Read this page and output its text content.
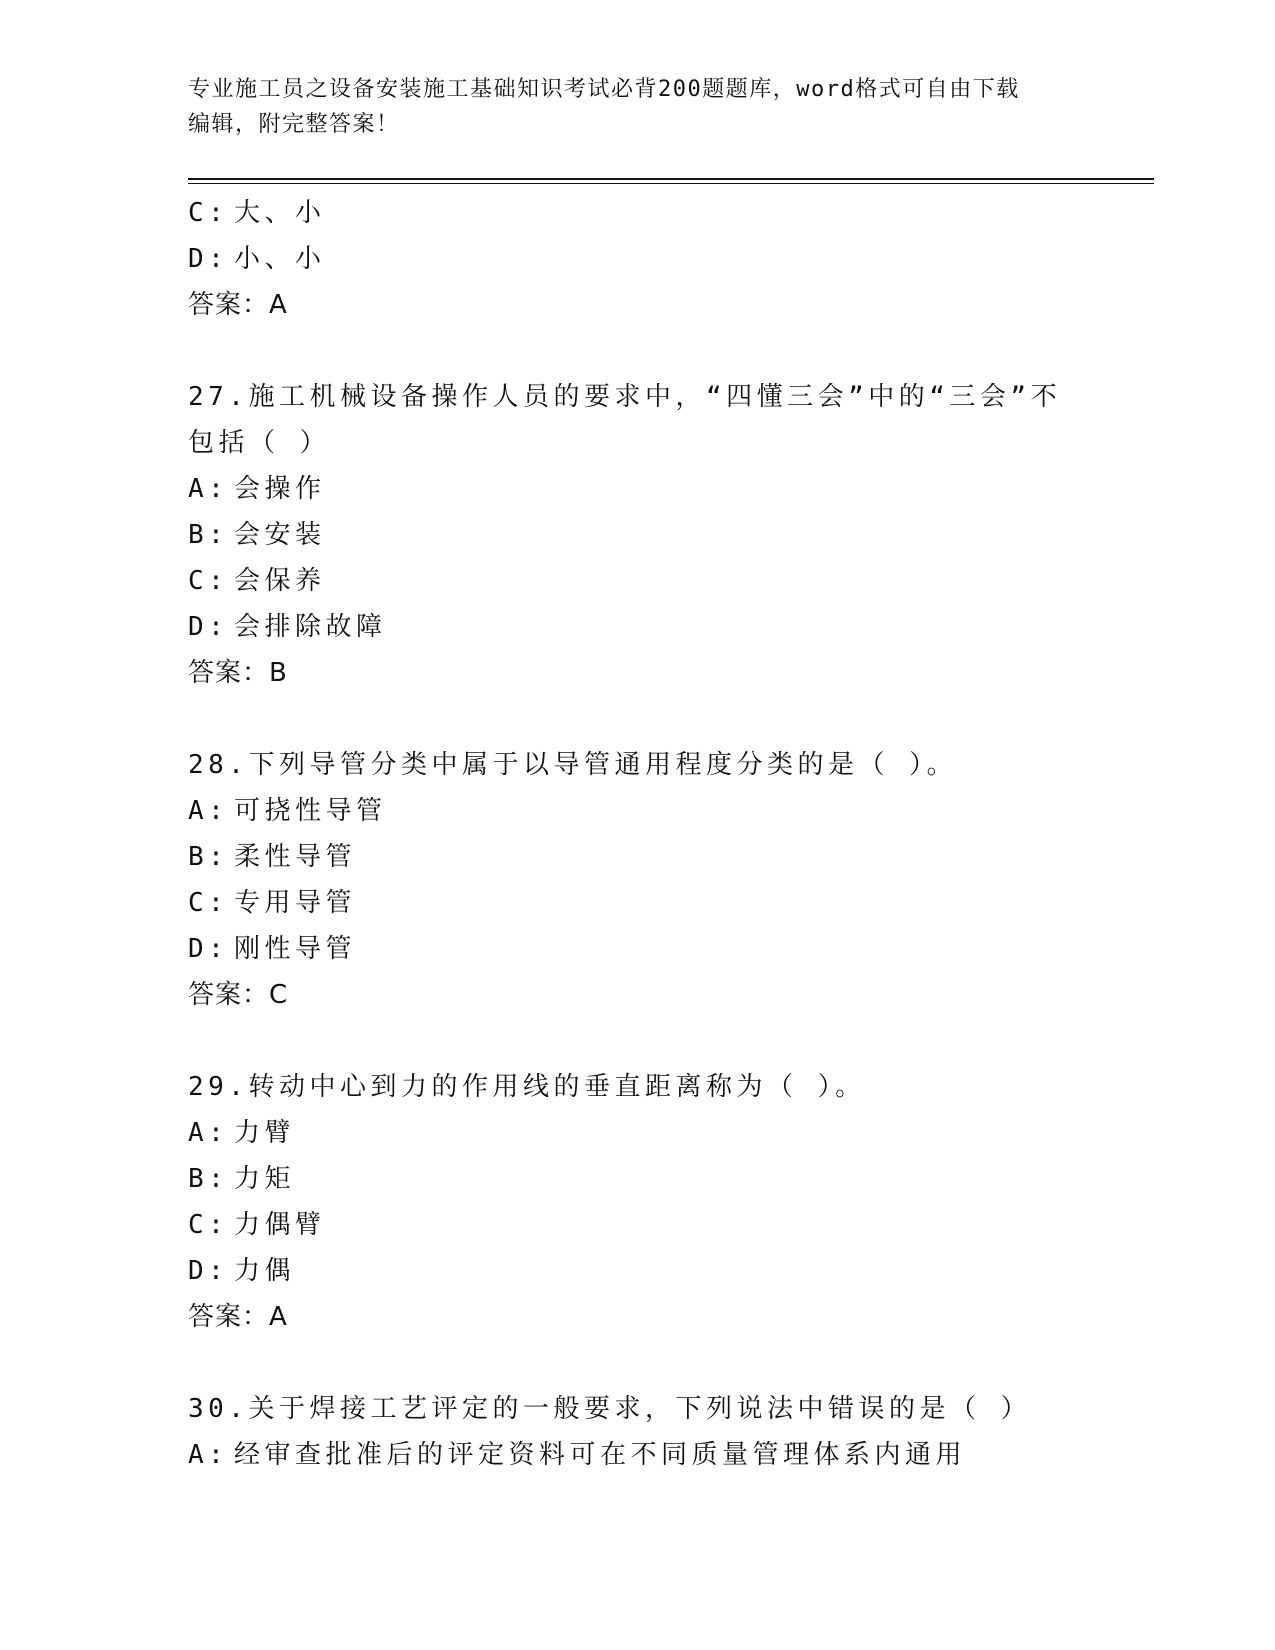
专业施工员之设备安装施工基础知识考试必背200题题库，word格式可自由下载
编辑，附完整答案！
C: 大、小
D: 小、小
答案：A
27.施工机械设备操作人员的要求中，“四懂三会”中的“三会”不包括（ ）
A: 会操作
B: 会安装
C: 会保养
D: 会排除故障
答案：B
28.下列导管分类中属于以导管通用程度分类的是（ ）。
A: 可挠性导管
B: 柔性导管
C: 专用导管
D: 刚性导管
答案：C
29.转动中心到力的作用线的垂直距离称为（ ）。
A: 力臂
B: 力矩
C: 力偶臂
D: 力偶
答案：A
30.关于焊接工艺评定的一般要求，下列说法中错误的是（ ）
A: 经审查批准后的评定资料可在不同质量管理体系内通用
